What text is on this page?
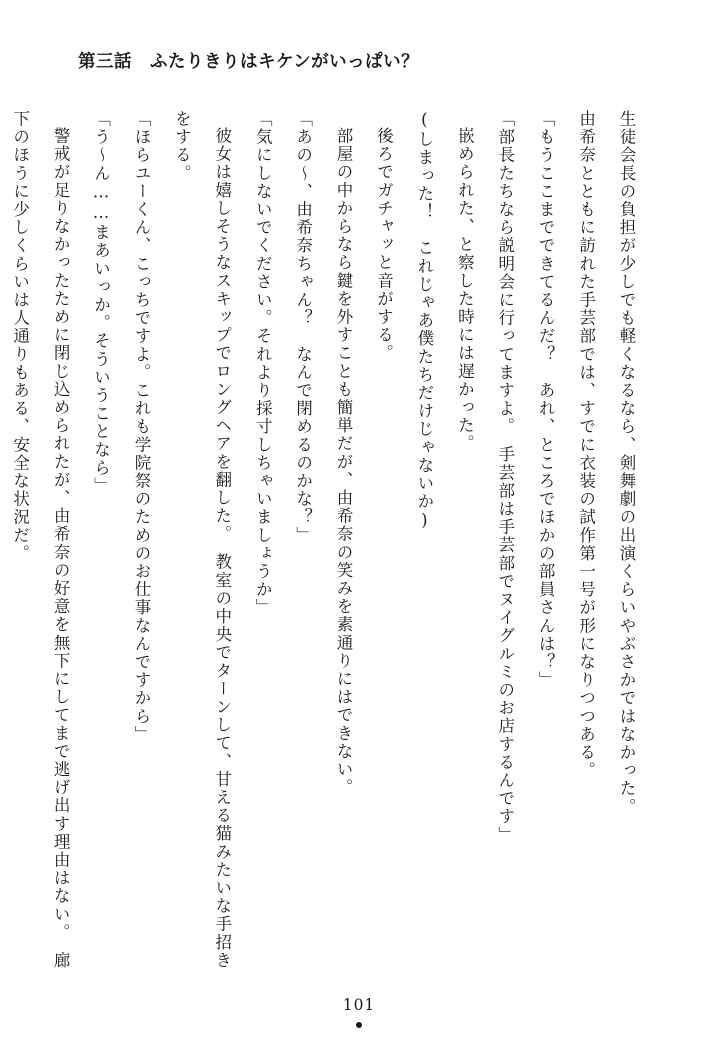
第三話 ふたりきりはキケンがいっぱい？

生徒会長の負担が少しでも軽くなるなら、剣舞劇の出演くらいやぶさかではなかった。

由希奈とともに訪れた手芸部では、すでに衣装の試作第一号が形になりつつある。

「もうここまでできてるんだ？　あれ、ところでほかの部員さんは？」

「部長たちなら説明会に行ってますよ。　手芸部は手芸部でヌイグルミのお店するんです」

嵌められた、と察した時には遅かった。

(しまった！　これじゃあ僕たちだけじゃないか)

後ろでガチャッと音がする。

部屋の中からなら鍵を外すことも簡単だが、由希奈の笑みを素通りにはできない。

「あの～、由希奈ちゃん？　なんで閉めるのかな？」

「気にしないでください。それより採寸しちゃいましょうか」

彼女は嬉しそうなスキップでロングヘアを翻した。　教室の中央でターンして、甘える猫みたいな手招きをする。

「ほらユーくん、こっちですよ。これも学院祭のためのお仕事なんですから」

「う～ん……まあいっか。そういうことなら」

警戒が足りなかったために閉じ込められたが、由希奈の好意を無下にしてまで逃げ出す理由はない。　廊下のほうに少しくらいは人通りもある、安全な状況だ。

101
